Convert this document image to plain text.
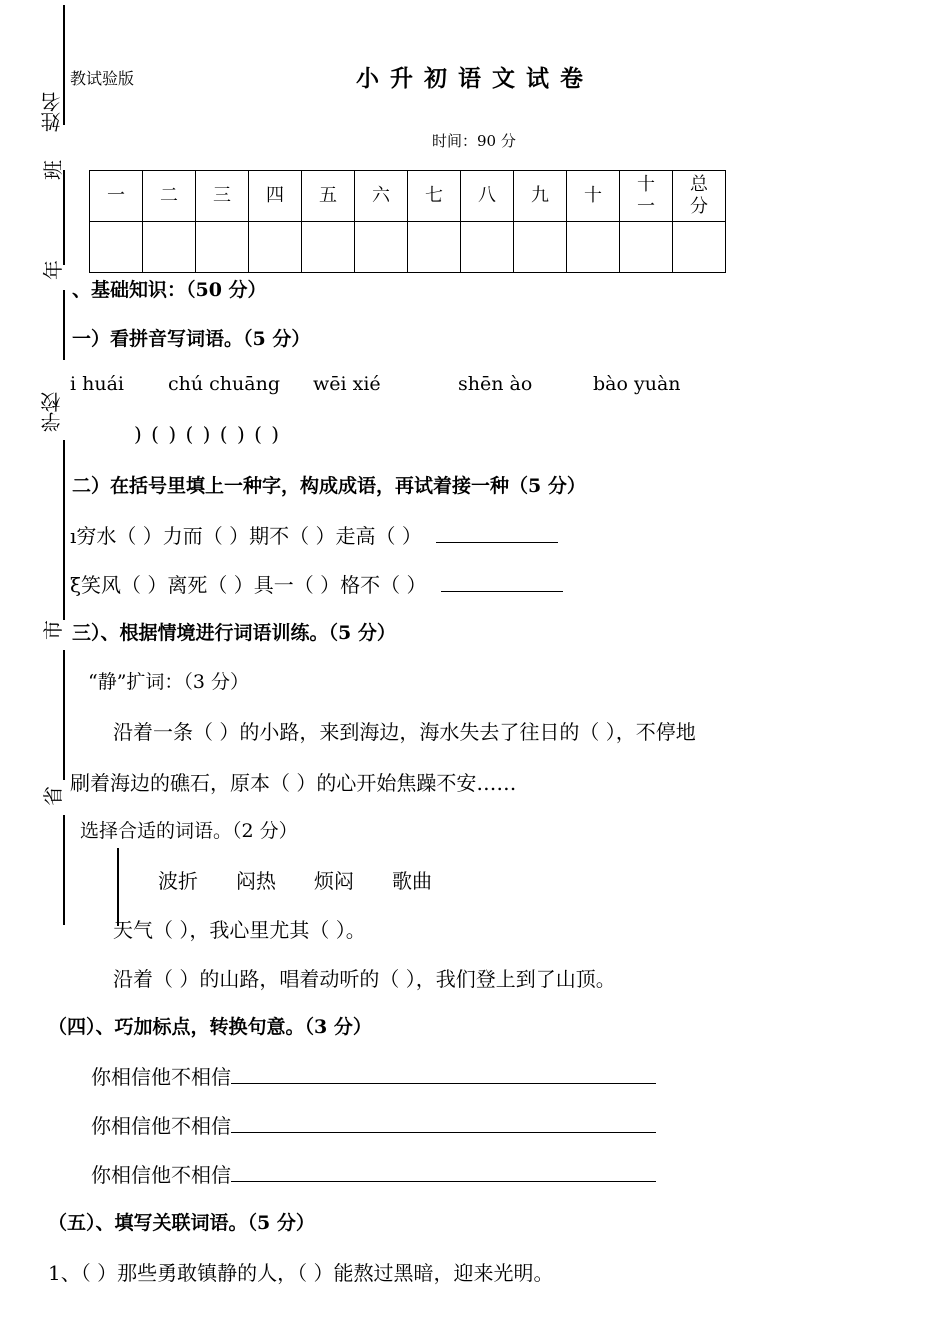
姓名
班
年
学校
市
省
教试验版	小升初语文试卷
时间：90 分
一	二	三	四	五	六	七	八	九	十	十一	总分

、基础知识：（50 分）
一）看拼音写词语。（5 分）
i huái chú chuāng wēi xié	shēn ào	bào yuàn
) ( ) ( ) ( ) ( )
二）在括号里填上一种字，构成成语，再试着接一种（5 分）
ı穷水（ ）力而（ ）期不（ ）走高（ ）
ξ笑风（ ）离死（ ）具一（ ）格不（ ）
三）、根据情境进行词语训练。（5 分）
“静”扩词：（3 分）
沿着一条（ ）的小路，来到海边，海水失去了往日的（ ），不停地
刷着海边的礁石，原本（ ）的心开始焦躁不安……
选择合适的词语。（2 分）
波折 闷热 烦闷 歌曲
天气（ ），我心里尤其（ ）。
沿着（ ）的山路，唱着动听的（ ），我们登上到了山顶。
（四）、巧加标点，转换句意。（3 分）
你相信他不相信
你相信他不相信
你相信他不相信
（五）、填写关联词语。（5 分）
1、（ ）那些勇敢镇静的人，（ ）能熬过黑暗，迎来光明。
